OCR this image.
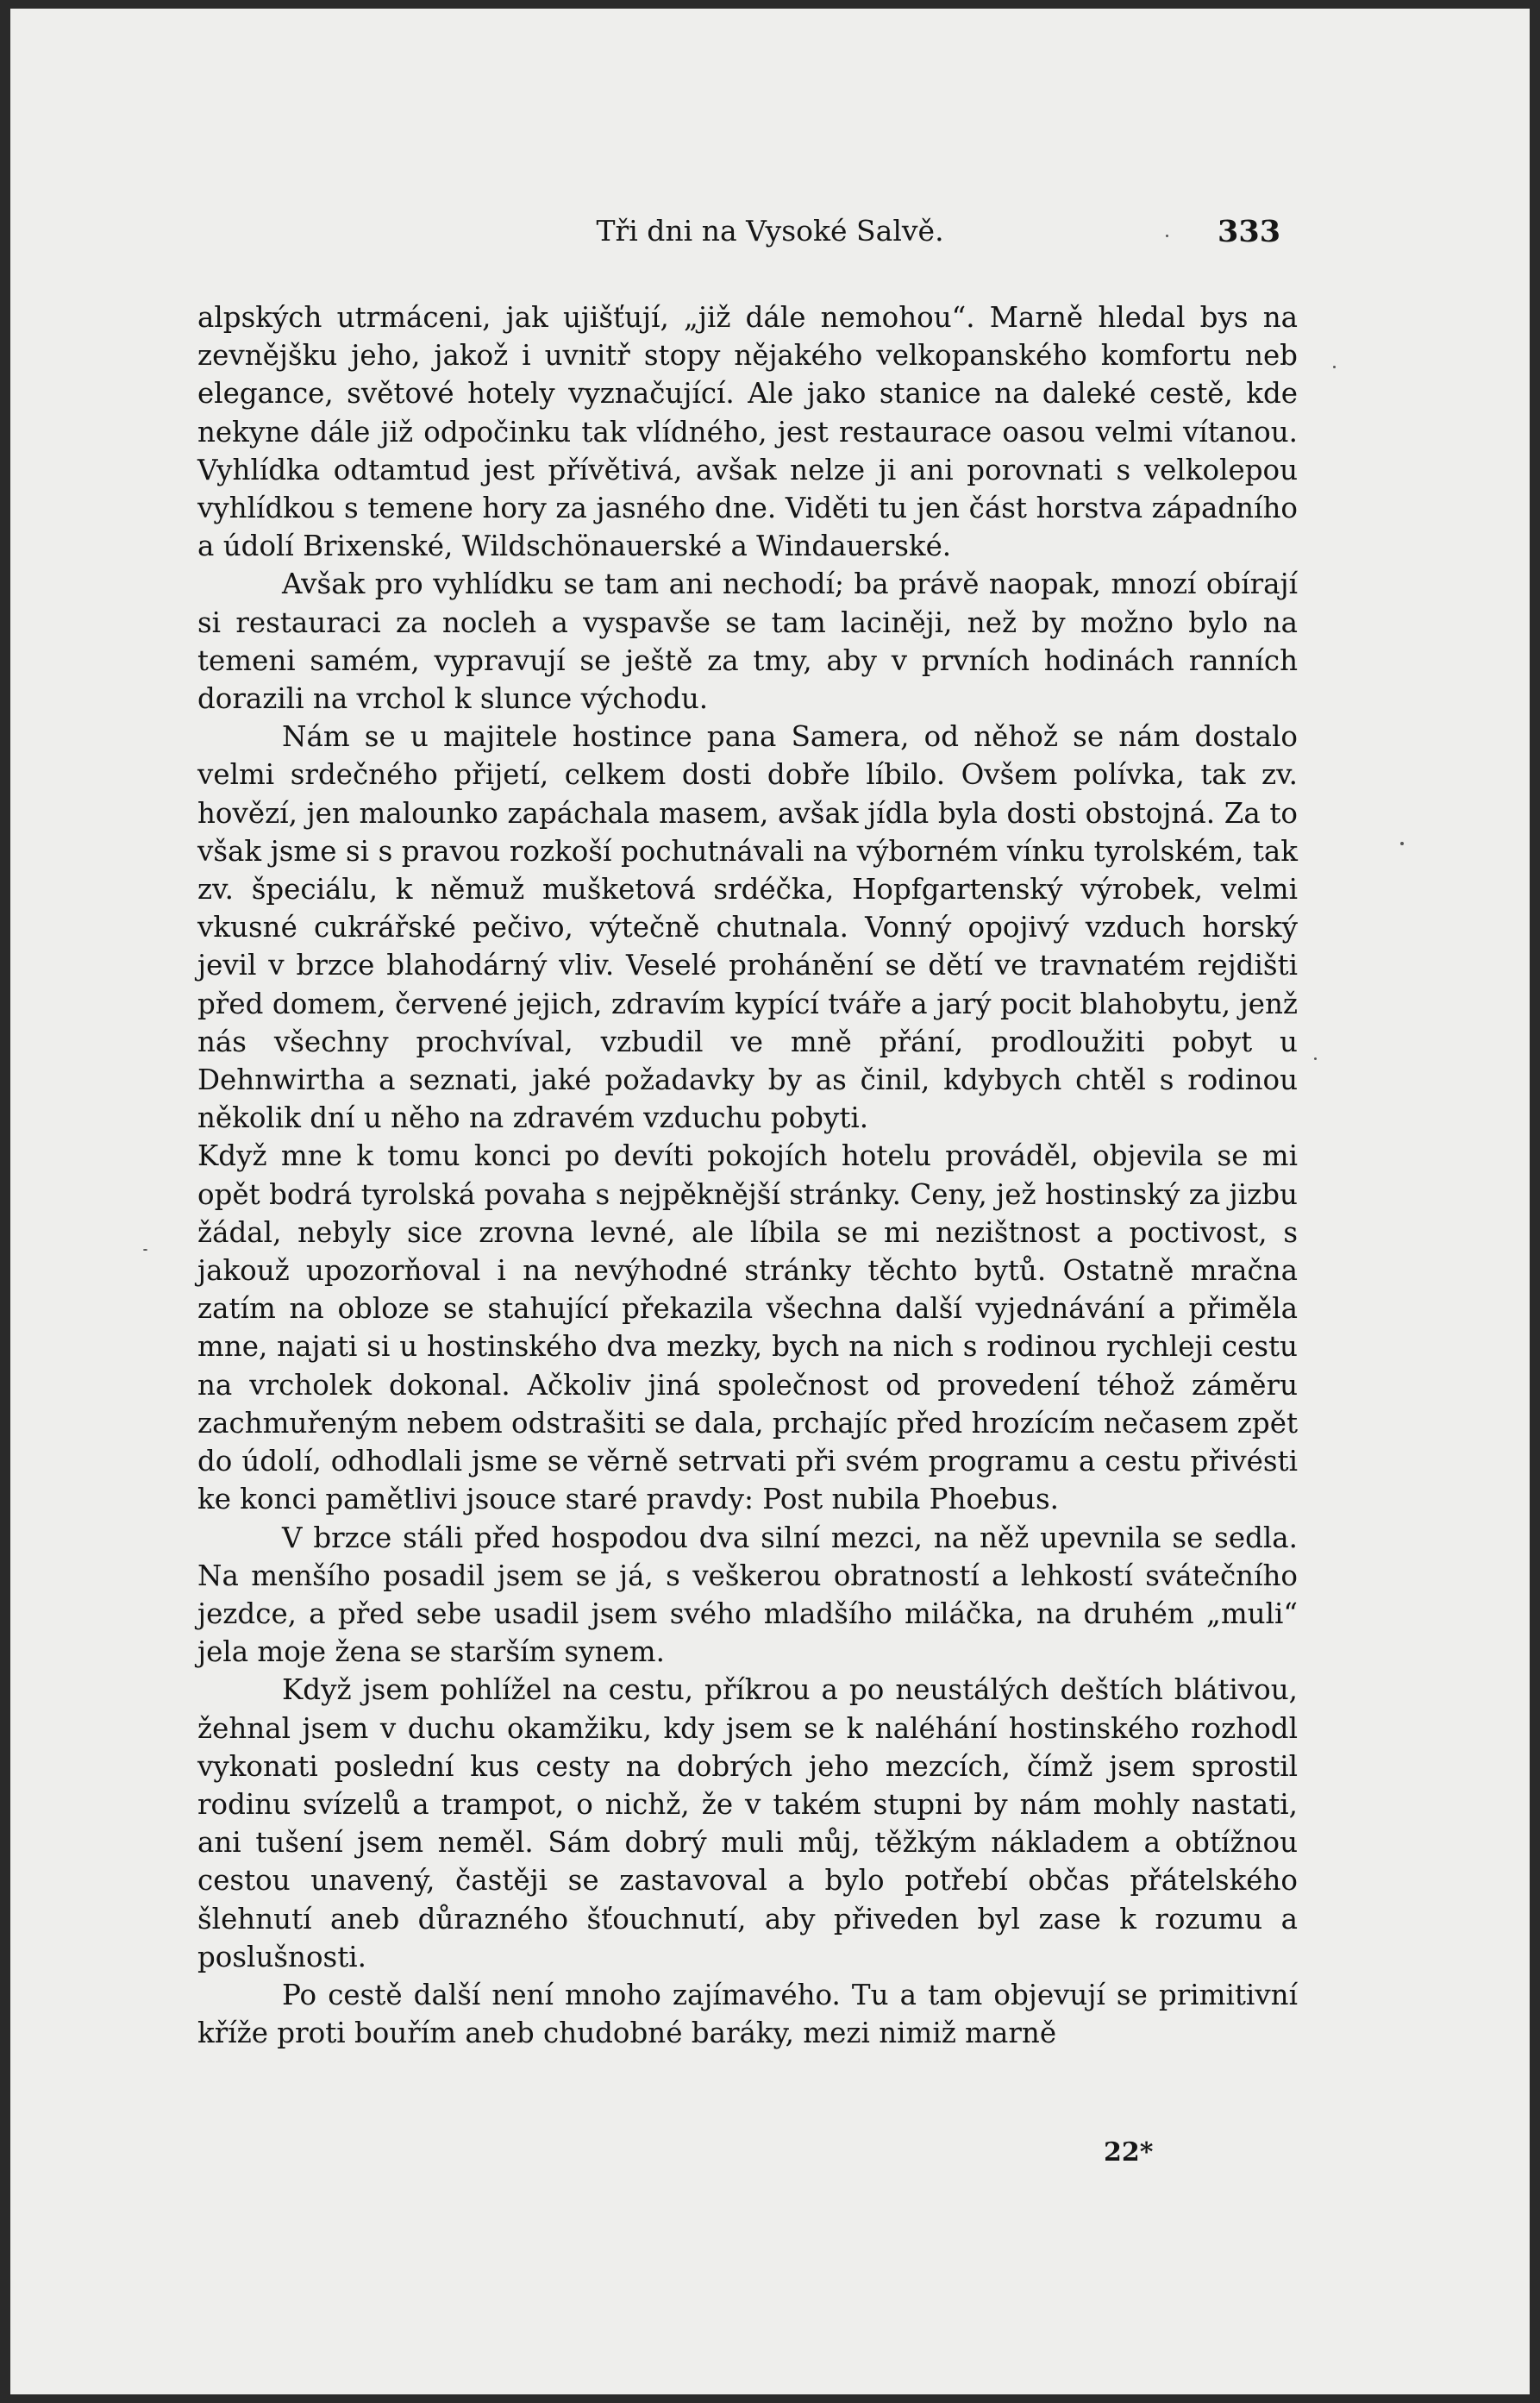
Tři dni na Vysoké Salvě.	333

alpských utrmáceni, jak ujišťují, „již dále nemohou“. Marně hledal bys na zevnějšku jeho, jakož i uvnitř stopy nějakého velkopanského komfortu neb elegance, světové hotely vyznačující. Ale jako stanice na daleké cestě, kde nekyne dále již odpočinku tak vlídného, jest restaurace oasou velmi vítanou. Vyhlídka odtamtud jest přívětivá, avšak nelze ji ani porovnati s velkolepou vyhlídkou s temene hory za jasného dne. Viděti tu jen část horstva západního a údolí Brixenské, Wildschönauerské a Windauerské.

Avšak pro vyhlídku se tam ani nechodí; ba právě naopak, mnozí obírají si restauraci za nocleh a vyspavše se tam laciněji, než by možno bylo na temeni samém, vypravují se ještě za tmy, aby v prvních hodinách ranních dorazili na vrchol k slunce východu.

Nám se u majitele hostince pana Samera, od něhož se nám dostalo velmi srdečného přijetí, celkem dosti dobře líbilo. Ovšem polívka, tak zv. hovězí, jen malounko zapáchala masem, avšak jídla byla dosti obstojná. Za to však jsme si s pravou rozkoší pochutnávali na výborném vínku tyrolském, tak zv. špeciálu, k němuž mušketová srdéčka, Hopfgartenský výrobek, velmi vkusné cukrářské pečivo, výtečně chutnala. Vonný opojivý vzduch horský jevil v brzce blahodárný vliv. Veselé prohánění se dětí ve travnatém rejdišti před domem, červené jejich, zdravím kypící tváře a jarý pocit blahobytu, jenž nás všechny prochvíval, vzbudil ve mně přání, prodloužiti pobyt u Dehnwirtha a seznati, jaké požadavky by as činil, kdybych chtěl s rodinou několik dní u něho na zdravém vzduchu pobyti.

Když mne k tomu konci po devíti pokojích hotelu prováděl, objevila se mi opět bodrá tyrolská povaha s nejpěknější stránky. Ceny, jež hostinský za jizbu žádal, nebyly sice zrovna levné, ale líbila se mi nezištnost a poctivost, s jakouž upozorňoval i na nevýhodné stránky těchto bytů. Ostatně mračna zatím na obloze se stahující překazila všechna další vyjednávání a přiměla mne, najati si u hostinského dva mezky, bych na nich s rodinou rychleji cestu na vrcholek dokonal. Ačkoliv jiná společnost od provedení téhož záměru zachmuřeným nebem odstrašiti se dala, prchajíc před hrozícím nečasem zpět do údolí, odhodlali jsme se věrně setrvati při svém programu a cestu přivésti ke konci pamětlivi jsouce staré pravdy: Post nubila Phoebus.

V brzce stáli před hospodou dva silní mezci, na něž upevnila se sedla. Na menšího posadil jsem se já, s veškerou obratností a lehkostí svátečního jezdce, a před sebe usadil jsem svého mladšího miláčka, na druhém „muli“ jela moje žena se starším synem.

Když jsem pohlížel na cestu, příkrou a po neustálých deštích blátivou, žehnal jsem v duchu okamžiku, kdy jsem se k naléhání hostinského rozhodl vykonati poslední kus cesty na dobrých jeho mezcích, čímž jsem sprostil rodinu svízelů a trampot, o nichž, že v takém stupni by nám mohly nastati, ani tušení jsem neměl. Sám dobrý muli můj, těžkým nákladem a obtížnou cestou unavený, častěji se zastavoval a bylo potřebí občas přátelského šlehnutí aneb důrazného šťouchnutí, aby přiveden byl zase k rozumu a poslušnosti.

Po cestě další není mnoho zajímavého. Tu a tam objevují se primitivní kříže proti bouřím aneb chudobné baráky, mezi nimiž marně

22*
